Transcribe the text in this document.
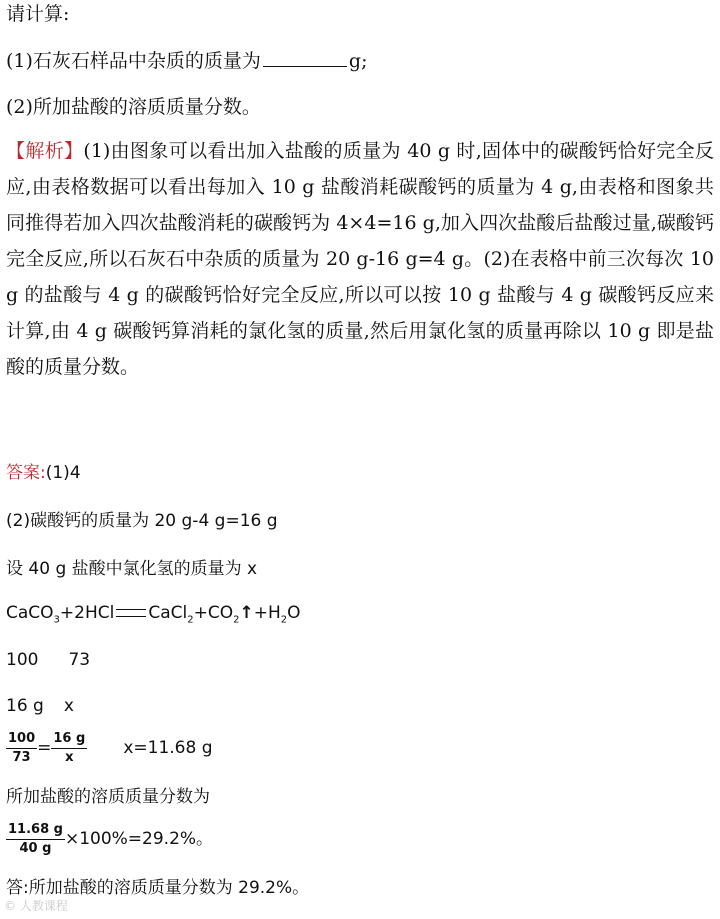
请计算:
(1)石灰石样品中杂质的质量为	g;
(2)所加盐酸的溶质质量分数。
【解析】(1)由图象可以看出加入盐酸的质量为 40 g 时,固体中的碳酸钙恰好完全反应,由表格数据可以看出每加入 10 g 盐酸消耗碳酸钙的质量为 4 g,由表格和图象共同推得若加入四次盐酸消耗的碳酸钙为 4×4=16 g,加入四次盐酸后盐酸过量,碳酸钙完全反应,所以石灰石中杂质的质量为 20 g-16 g=4 g。(2)在表格中前三次每次 10 g 的盐酸与 4 g 的碳酸钙恰好完全反应,所以可以按 10 g 盐酸与 4 g 碳酸钙反应来计算,由 4 g 碳酸钙算消耗的氯化氢的质量,然后用氯化氢的质量再除以 10 g 即是盐酸的质量分数。
答案:(1)4
(2)碳酸钙的质量为 20 g-4 g=16 g
设 40 g 盐酸中氯化氢的质量为 x
CaCO$_3$+2HCl $CaCl_2+CO_2↑+H_2O$
100 73
16 g x
$\frac{100}{73} = \frac{16 g}{x} x=11.68$ g
所加盐酸的溶质质量分数为
$\frac{11.68 g}{40 g} \times 100\%=29.2\%$。
答:所加盐酸的溶质质量分数为 29.2%。
© 人教课程
